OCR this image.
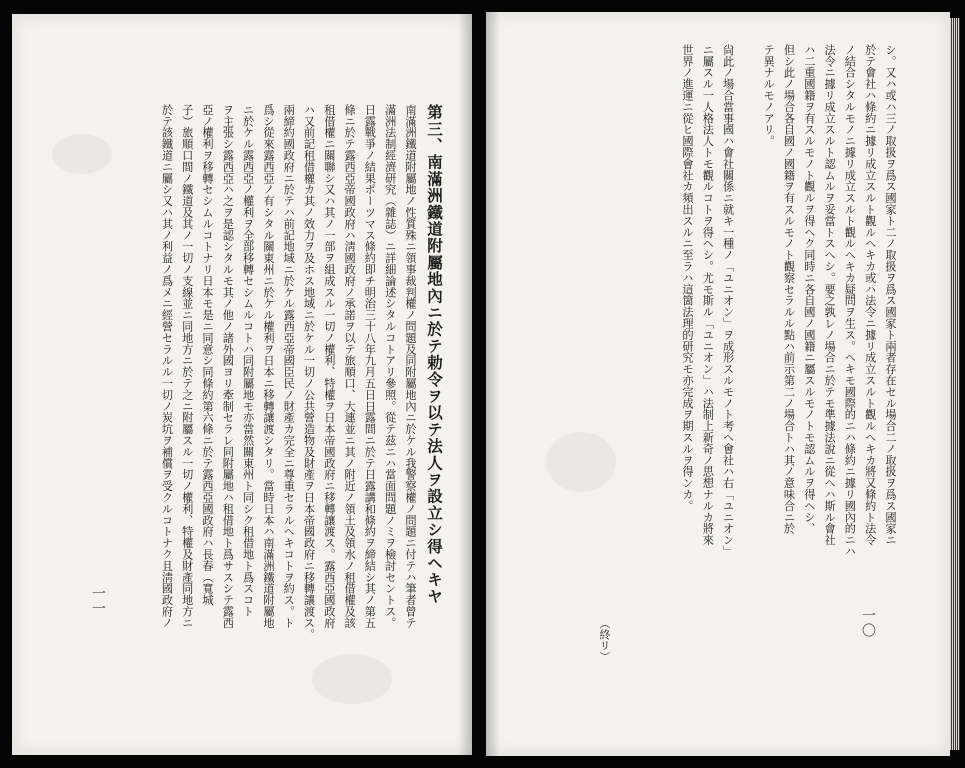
第三、南滿洲鐵道附屬地內ニ於テ勅令ヲ以テ法人ヲ設立シ得ヘキヤ
南滿洲鐵道附屬地ノ性質殊ニ領事裁判權ノ問題及同附屬地內ニ於ケル我警察權ノ問題ニ付テハ筆者曾テ
滿洲法制經濟研究（雜誌）ニ詳細論述シタルコトアリ參照。從テ茲ニハ當面問題ノミヲ檢討セントス。
日露戰爭ノ結果ポーツマス條約即チ明治三十八年九月五日日露間ニ於テ日露講和條約ヲ締結シ其ノ第五
條ニ於テ露西亞帝國政府ハ淸國政府ノ承諾ヲ以テ旅順口、大連並ニ其ノ附近ノ領土及領水ノ租借權及該
租借權ニ關聯シ又ハ其ノ一部ヲ組成スル一切ノ權利、特權ヲ日本帝國政府ニ移轉讓渡ス。露西亞國政府
ハ又前記租借權カ其ノ效力ヲ及ホス地域ニ於ケル一切ノ公共營造物及財產ヲ日本帝國政府ニ移轉讓渡ス。
兩締約國政府ニ於テハ前記地域ニ於ケル露西亞帝國臣民ノ財產カ完全ニ尊重セラルヘキコトヲ約ス。ト
爲シ從來露西亞ノ有シタル關東州ニ於ケル權利ヲ日本ニ移轉讓渡シタリ。當時日本ハ南滿洲鐵道附屬地
ニ於ケル露西亞ノ權利ヲ全部移轉セシムルコトハ同附屬地モ亦當然關東州ト同シク租借地ト爲スコト
ヲ主張シ露西亞ハ之ヲ是認シタルモ其ノ他ノ諸外國ヨリ牽制セラレ同附屬地ハ租借地ト爲サスシテ露西
亞ノ權利ヲ移轉セシムルコトナリ日本モ是ニ同意シ同條約第六條ニ於テ露西亞國政府ハ長春（寬城
子）旅順口間ノ鐵道及其ノ一切ノ支線並ニ同地方ニ於テ之ニ附屬スル一切ノ權利、特權及財產同地方ニ
於テ該鐵道ニ屬シ又ハ其ノ利益ノ爲メニ經營セラルル一切ノ炭坑ヲ補償ヲ受クルコトナク且淸國政府ノ
一一
シ。又ハ或ハ三ノ取扱ヲ爲ス國家ト二ノ取扱ヲ爲ス國家ト兩者存在セル場合二ノ取扱ヲ爲ス國家ニ
於テ會社ハ條約ニ據リ成立スルト觀ルヘキカ或ハ法令ニ據リ成立スルト觀ルヘキカ將又條約ト法令
ノ結合シタルモノニ據リ成立スルト觀ルヘキカ疑問ヲ生ス。ヘキモ國際的ニハ條約ニ據リ國內的ニハ
法令ニ據リ成立スルト認ムルヲ妥當トスヘシ。要之孰レノ場合ニ於テモ準據法說ニ從ヘハ斯ル會社
ハ二重國籍ヲ有スルモノト觀ルヲ得ヘク同時ニ各自國ノ國籍ニ屬スルモノトモ認ムルヲ得ヘシ、
但シ此ノ場合各自國ノ國籍ヲ有スルモノト觀察セラルル點ハ前示第二ノ場合トハ其ノ意味合ニ於
テ異ナルモノアリ。
尙此ノ場合當事國ハ會社關係ニ就キ一種ノ「ユニオン」ヲ成形スルモノト考ヘ會社ハ右「ユニオン」
ニ屬スル一人格法人トモ觀ルコトヲ得ヘシ。尤モ斯ル「ユニオン」ハ法制上新奇ノ思想ナルカ將來
世界ノ進運ニ從ヒ國際會社カ頻出スルニ至ラハ這箇法理的研究モ亦完成ヲ期スルヲ得ンカ。
一〇
（終リ）
